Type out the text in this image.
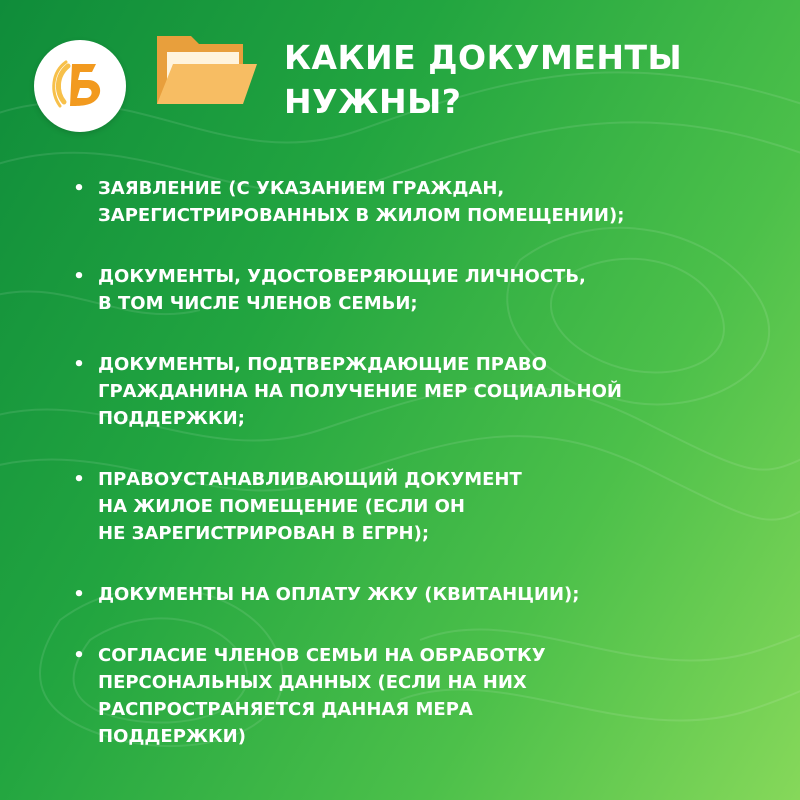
КАКИЕ ДОКУМЕНТЫ
НУЖНЫ?
• ЗАЯВЛЕНИЕ (С УКАЗАНИЕМ ГРАЖДАН,
ЗАРЕГИСТРИРОВАННЫХ В ЖИЛОМ ПОМЕЩЕНИИ);
• ДОКУМЕНТЫ, УДОСТОВЕРЯЮЩИЕ ЛИЧНОСТЬ,
В ТОМ ЧИСЛЕ ЧЛЕНОВ СЕМЬИ;
• ДОКУМЕНТЫ, ПОДТВЕРЖДАЮЩИЕ ПРАВО
ГРАЖДАНИНА НА ПОЛУЧЕНИЕ МЕР СОЦИАЛЬНОЙ
ПОДДЕРЖКИ;
• ПРАВОУСТАНАВЛИВАЮЩИЙ ДОКУМЕНТ
НА ЖИЛОЕ ПОМЕЩЕНИЕ (ЕСЛИ ОН
НЕ ЗАРЕГИСТРИРОВАН В ЕГРН);
• ДОКУМЕНТЫ НА ОПЛАТУ ЖКУ (КВИТАНЦИИ);
• СОГЛАСИЕ ЧЛЕНОВ СЕМЬИ НА ОБРАБОТКУ
ПЕРСОНАЛЬНЫХ ДАННЫХ (ЕСЛИ НА НИХ
РАСПРОСТРАНЯЕТСЯ ДАННАЯ МЕРА
ПОДДЕРЖКИ)
